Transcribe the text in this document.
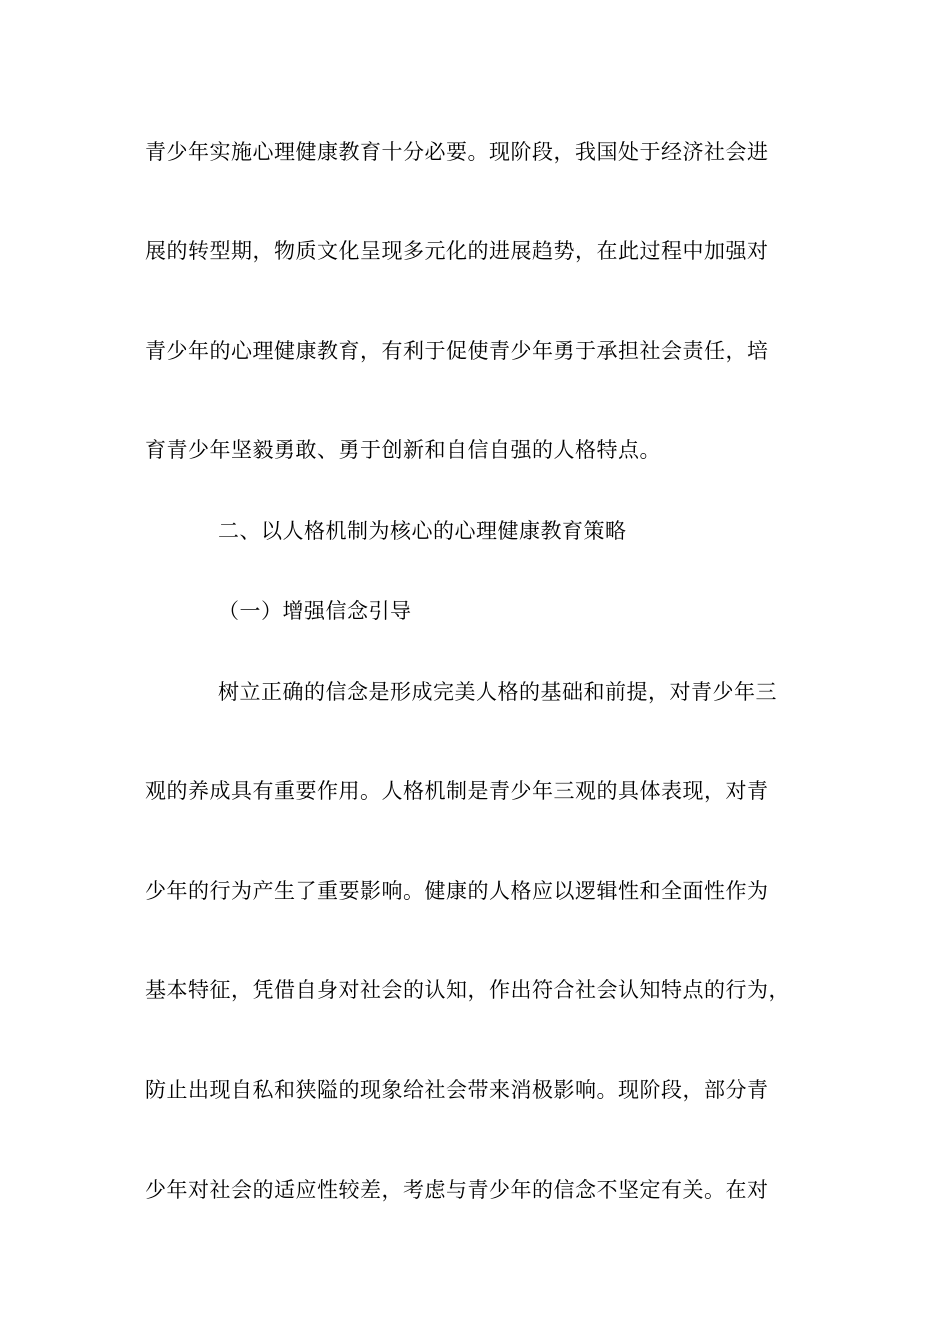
青少年实施心理健康教育十分必要。现阶段，我国处于经济社会进
展的转型期，物质文化呈现多元化的进展趋势，在此过程中加强对
青少年的心理健康教育，有利于促使青少年勇于承担社会责任，培
育青少年坚毅勇敢、勇于创新和自信自强的人格特点。
二、以人格机制为核心的心理健康教育策略
（一）增强信念引导
树立正确的信念是形成完美人格的基础和前提，对青少年三
观的养成具有重要作用。人格机制是青少年三观的具体表现，对青
少年的行为产生了重要影响。健康的人格应以逻辑性和全面性作为
基本特征，凭借自身对社会的认知，作出符合社会认知特点的行为，
防止出现自私和狭隘的现象给社会带来消极影响。现阶段，部分青
少年对社会的适应性较差，考虑与青少年的信念不坚定有关。在对
